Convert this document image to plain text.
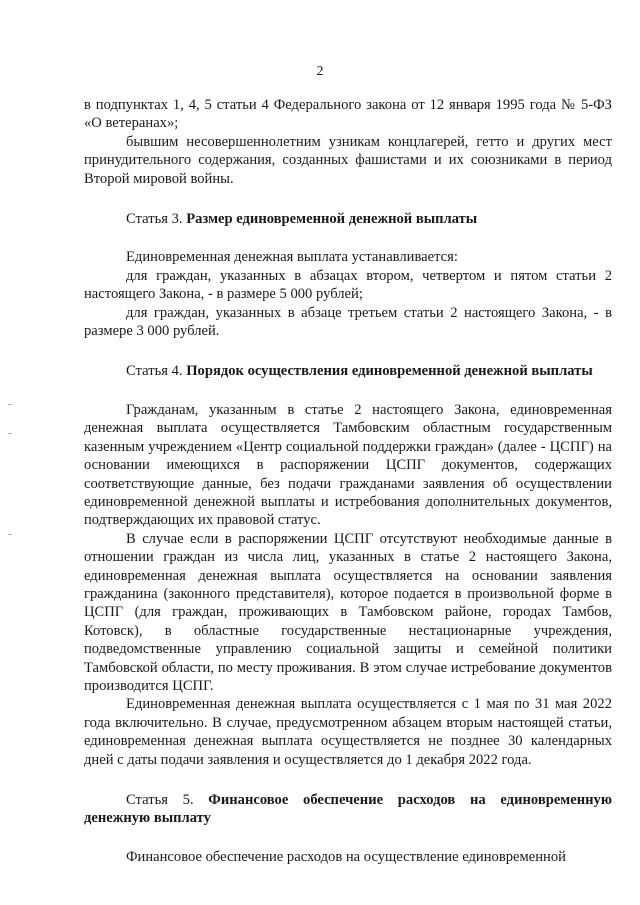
2

в подпунктах 1, 4, 5 статьи 4 Федерального закона от 12 января 1995 года № 5-ФЗ «О ветеранах»;

бывшим несовершеннолетним узникам концлагерей, гетто и других мест принудительного содержания, созданных фашистами и их союзниками в период Второй мировой войны.

Статья 3. Размер единовременной денежной выплаты

Единовременная денежная выплата устанавливается:

для граждан, указанных в абзацах втором, четвертом и пятом статьи 2 настоящего Закона, - в размере 5 000 рублей;

для граждан, указанных в абзаце третьем статьи 2 настоящего Закона, - в размере 3 000 рублей.

Статья 4. Порядок осуществления единовременной денежной выплаты

Гражданам, указанным в статье 2 настоящего Закона, единовременная денежная выплата осуществляется Тамбовским областным государственным казенным учреждением «Центр социальной поддержки граждан» (далее - ЦСПГ) на основании имеющихся в распоряжении ЦСПГ документов, содержащих соответствующие данные, без подачи гражданами заявления об осуществлении единовременной денежной выплаты и истребования дополнительных документов, подтверждающих их правовой статус.

В случае если в распоряжении ЦСПГ отсутствуют необходимые данные в отношении граждан из числа лиц, указанных в статье 2 настоящего Закона, единовременная денежная выплата осуществляется на основании заявления гражданина (законного представителя), которое подается в произвольной форме в ЦСПГ (для граждан, проживающих в Тамбовском районе, городах Тамбов, Котовск), в областные государственные нестационарные учреждения, подведомственные управлению социальной защиты и семейной политики Тамбовской области, по месту проживания. В этом случае истребование документов производится ЦСПГ.

Единовременная денежная выплата осуществляется с 1 мая по 31 мая 2022 года включительно. В случае, предусмотренном абзацем вторым настоящей статьи, единовременная денежная выплата осуществляется не позднее 30 календарных дней с даты подачи заявления и осуществляется до 1 декабря 2022 года.

Статья 5. Финансовое обеспечение расходов на единовременную денежную выплату

Финансовое обеспечение расходов на осуществление единовременной
